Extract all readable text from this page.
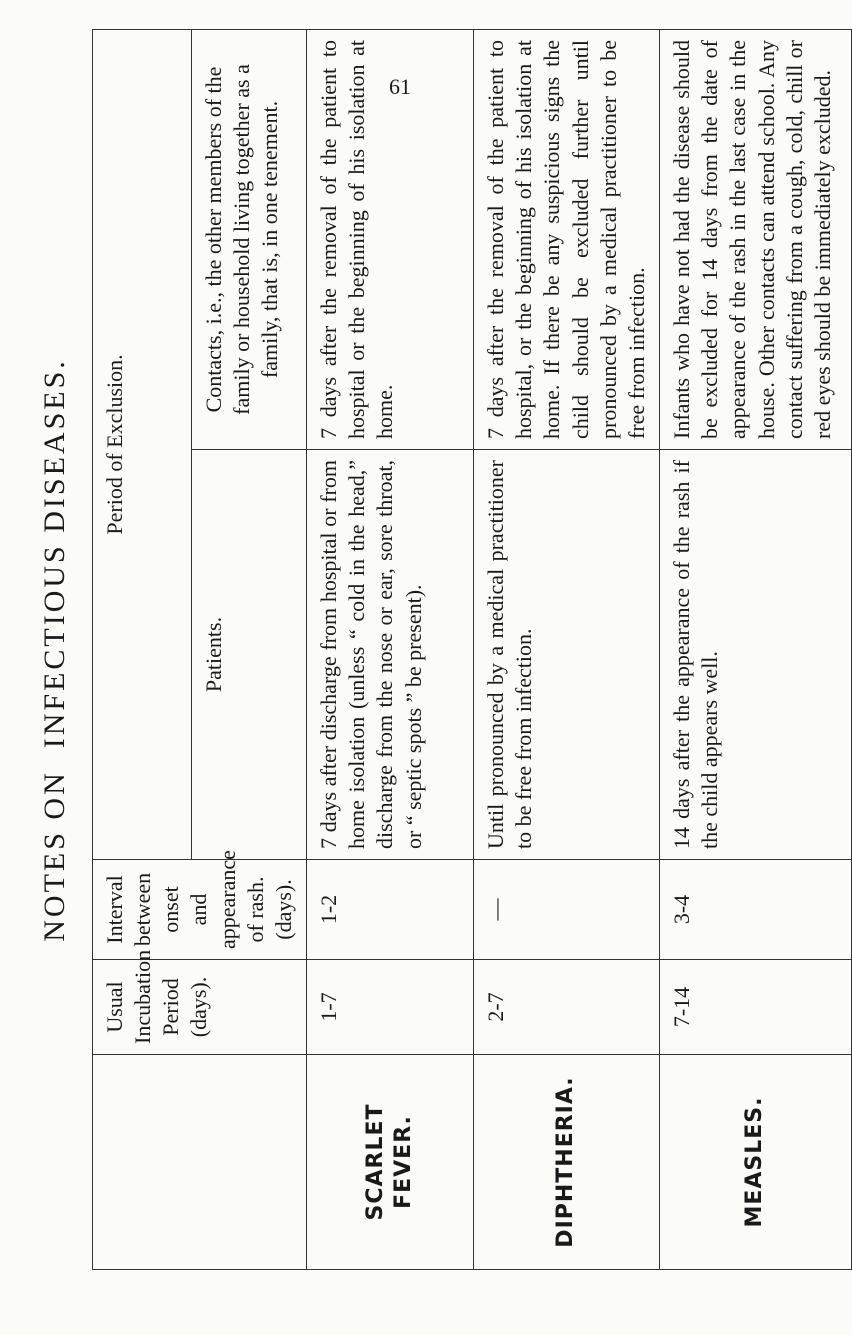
61
NOTES ONINFECTIOUS DISEASES.
	Usual Incubation Period (days).	Interval between onset and appearance of rash. (days).	Period of Exclusion.	
			Patients.	Contacts, i.e., the other members of the family or household living together as a family, that is, in one tenement.
SCARLET FEVER.	1-7	1-2	7 days after discharge from hospital or from home isolation (unless “ cold in the head,” discharge from the nose or ear, sore throat, or “ septic spots ” be present).	7 days after the removal of the patient to hospital or the beginning of his isolation at home.
DIPHTHERIA.	2-7	—	Until pronounced by a medical practitioner to be free from infection.	7 days after the removal of the patient to hospital, or the beginning of his isolation at home. If there be any suspicious signs the child should be excluded further until pronounced by a medical practitioner to be free from infection.
MEASLES.	7-14	3-4	14 days after the appearance of the rash if the child appears well.	Infants who have not had the disease should be excluded for 14 days from the date of appearance of the rash in the last case in the house. Other contacts can attend school. Any contact suffering from a cough, cold, chill or red eyes should be immediately excluded.
